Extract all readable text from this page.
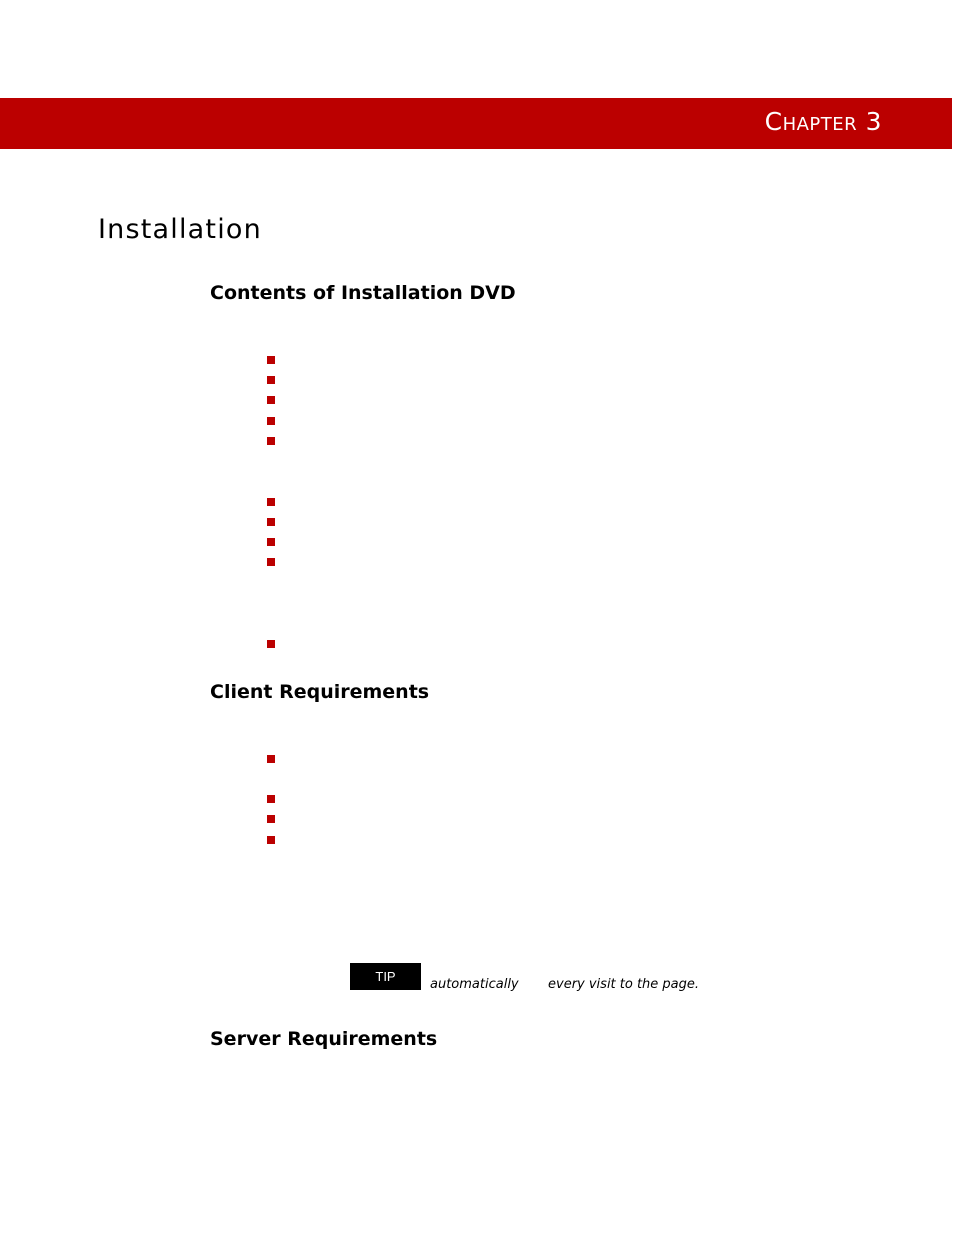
Chapter 3
Installation
Contents of Installation DVD
Client Requirements
TIP
automatically every visit to the page.
Server Requirements
